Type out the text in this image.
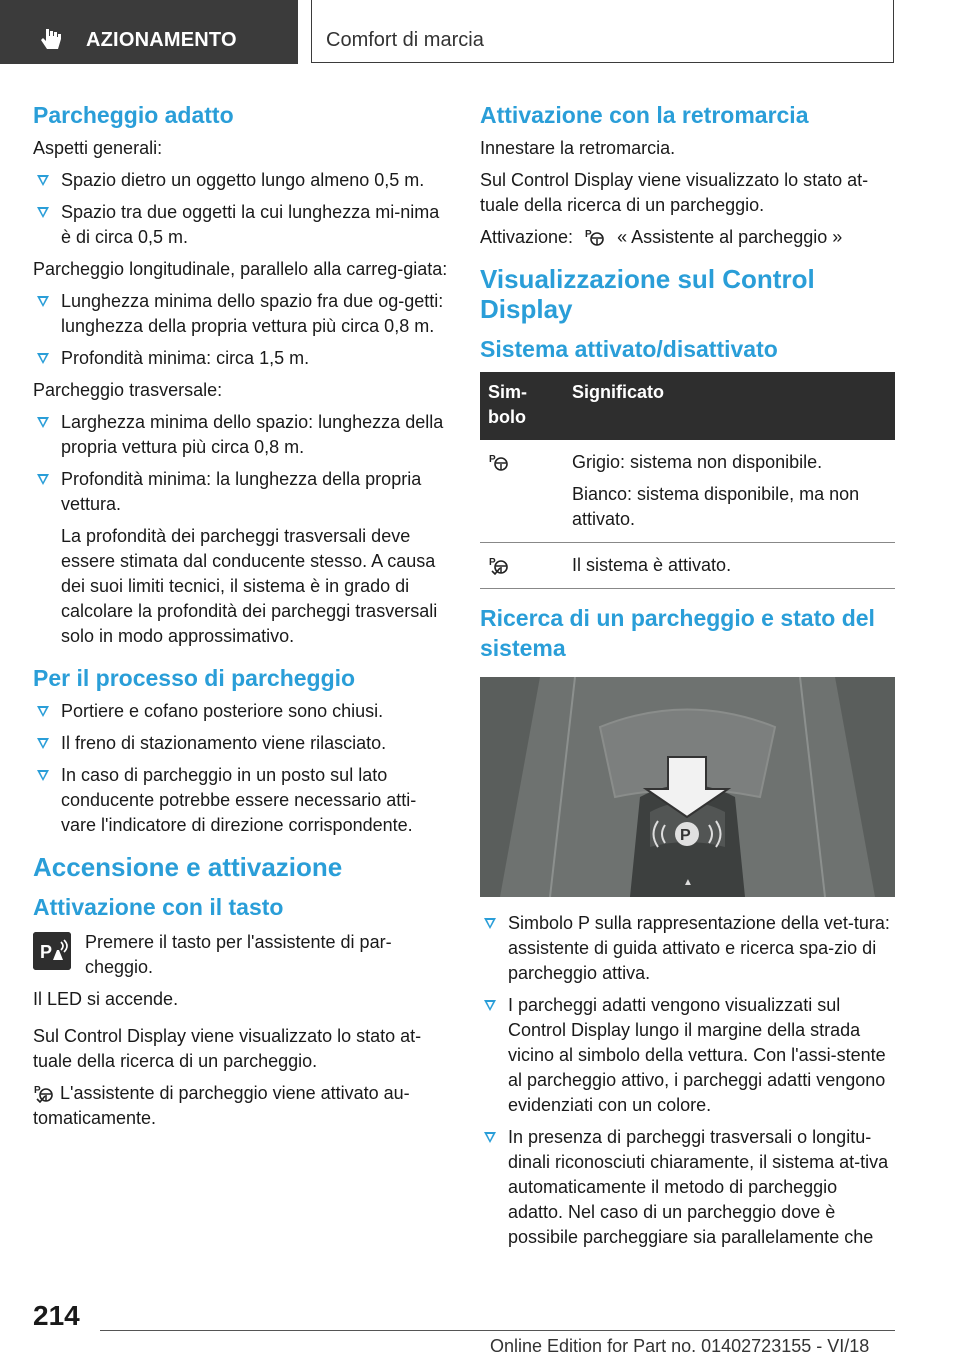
AZIONAMENTO	Comfort di marcia
Parcheggio adatto

Aspetti generali:

Spazio dietro un oggetto lungo almeno 0,5 m.
Spazio tra due oggetti la cui lunghezza mi-nima è di circa 0,5 m.

Parcheggio longitudinale, parallelo alla carreg-giata:

Lunghezza minima dello spazio fra due og-getti: lunghezza della propria vettura più circa 0,8 m.
Profondità minima: circa 1,5 m.

Parcheggio trasversale:

Larghezza minima dello spazio: lunghezza della propria vettura più circa 0,8 m.
Profondità minima: la lunghezza della propria vettura.
La profondità dei parcheggi trasversali deve essere stimata dal conducente stesso. A causa dei suoi limiti tecnici, il sistema è in grado di calcolare la profondità dei parcheggi trasversali solo in modo approssimativo.
Per il processo di parcheggio
Portiere e cofano posteriore sono chiusi.
Il freno di stazionamento viene rilasciato.
In caso di parcheggio in un posto sul lato conducente potrebbe essere necessario atti-vare l'indicatore di direzione corrispondente.
Accensione e attivazione
Attivazione con il tasto
P Premere il tasto per l'assistente di par-cheggio.

Il LED si accende.

Sul Control Display viene visualizzato lo stato at-tuale della ricerca di un parcheggio.

P L'assistente di parcheggio viene attivato au-tomaticamente.

Attivazione con la retromarcia

Innestare la retromarcia.

Sul Control Display viene visualizzato lo stato at-tuale della ricerca di un parcheggio.

Attivazione: P « Assistente al parcheggio »

Visualizzazione sul Control Display
Sistema attivato/disattivato
Sim-bolo	Significato

P	Grigio: sistema non disponibile.

Bianco: sistema disponibile, ma non attivato.

P	Il sistema è attivato.
Ricerca di un parcheggio e stato del sistema
P
▲
Simbolo P sulla rappresentazione della vet-tura: assistente di guida attivato e ricerca spa-zio di parcheggio attiva.
I parcheggi adatti vengono visualizzati sul Control Display lungo il margine della strada vicino al simbolo della vettura. Con l'assi-stente al parcheggio attivo, i parcheggi adatti vengono evidenziati con un colore.
In presenza di parcheggi trasversali o longitu-dinali riconosciuti chiaramente, il sistema at-tiva automaticamente il metodo di parcheggio adatto. Nel caso di un parcheggio dove è possibile parcheggiare sia parallelamente che
214
Online Edition for Part no. 01402723155 - VI/18
